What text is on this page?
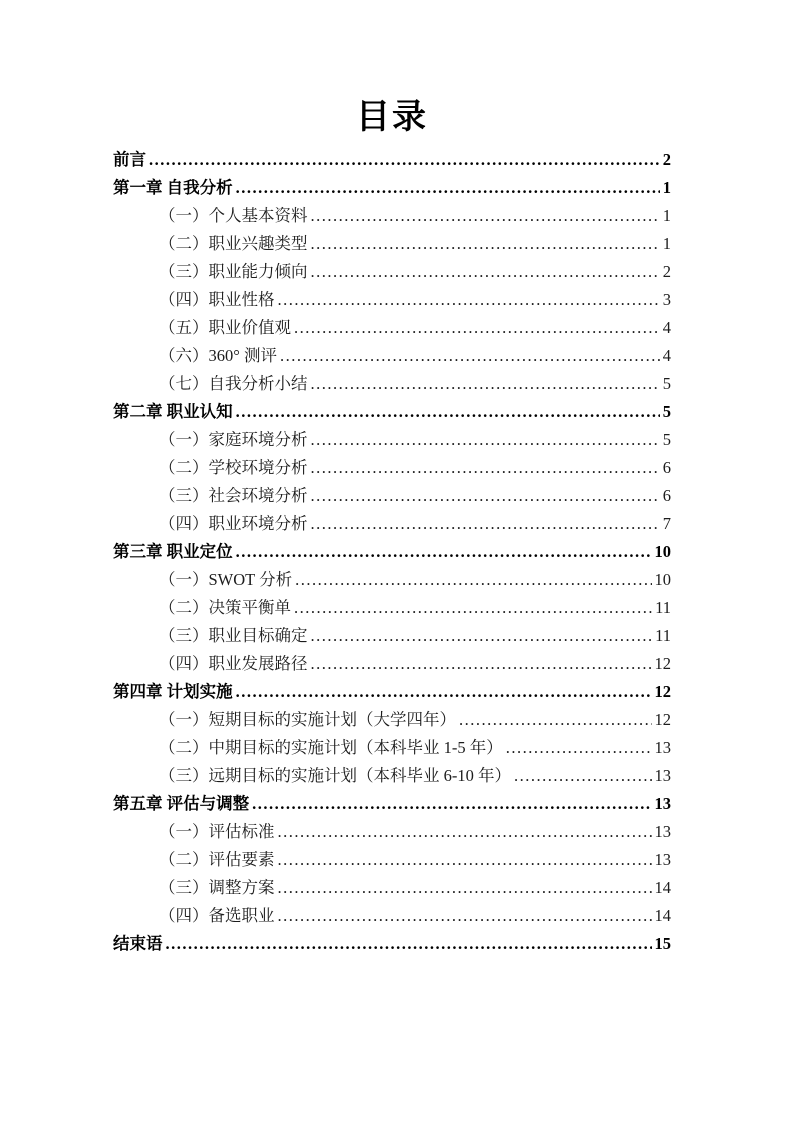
目录
前言 .....	2
第一章 自我分析 .....	1
（一）个人基本资料 .....	1
（二）职业兴趣类型 .....	1
（三）职业能力倾向 .....	2
（四）职业性格 .....	3
（五）职业价值观 .....	4
（六）360° 测评 .....	4
（七）自我分析小结 .....	5
第二章 职业认知 .....	5
（一）家庭环境分析 .....	5
（二）学校环境分析 .....	6
（三）社会环境分析 .....	6
（四）职业环境分析 .....	7
第三章 职业定位 .....	10
（一）SWOT 分析 .....	10
（二）决策平衡单 .....	11
（三）职业目标确定 .....	11
（四）职业发展路径 .....	12
第四章 计划实施 .....	12
（一）短期目标的实施计划（大学四年） .....	12
（二）中期目标的实施计划（本科毕业 1-5 年） .....	13
（三）远期目标的实施计划（本科毕业 6-10 年） .....	13
第五章 评估与调整 .....	13
（一）评估标准 .....	13
（二）评估要素 .....	13
（三）调整方案 .....	14
（四）备选职业 .....	14
结束语 .....	15
